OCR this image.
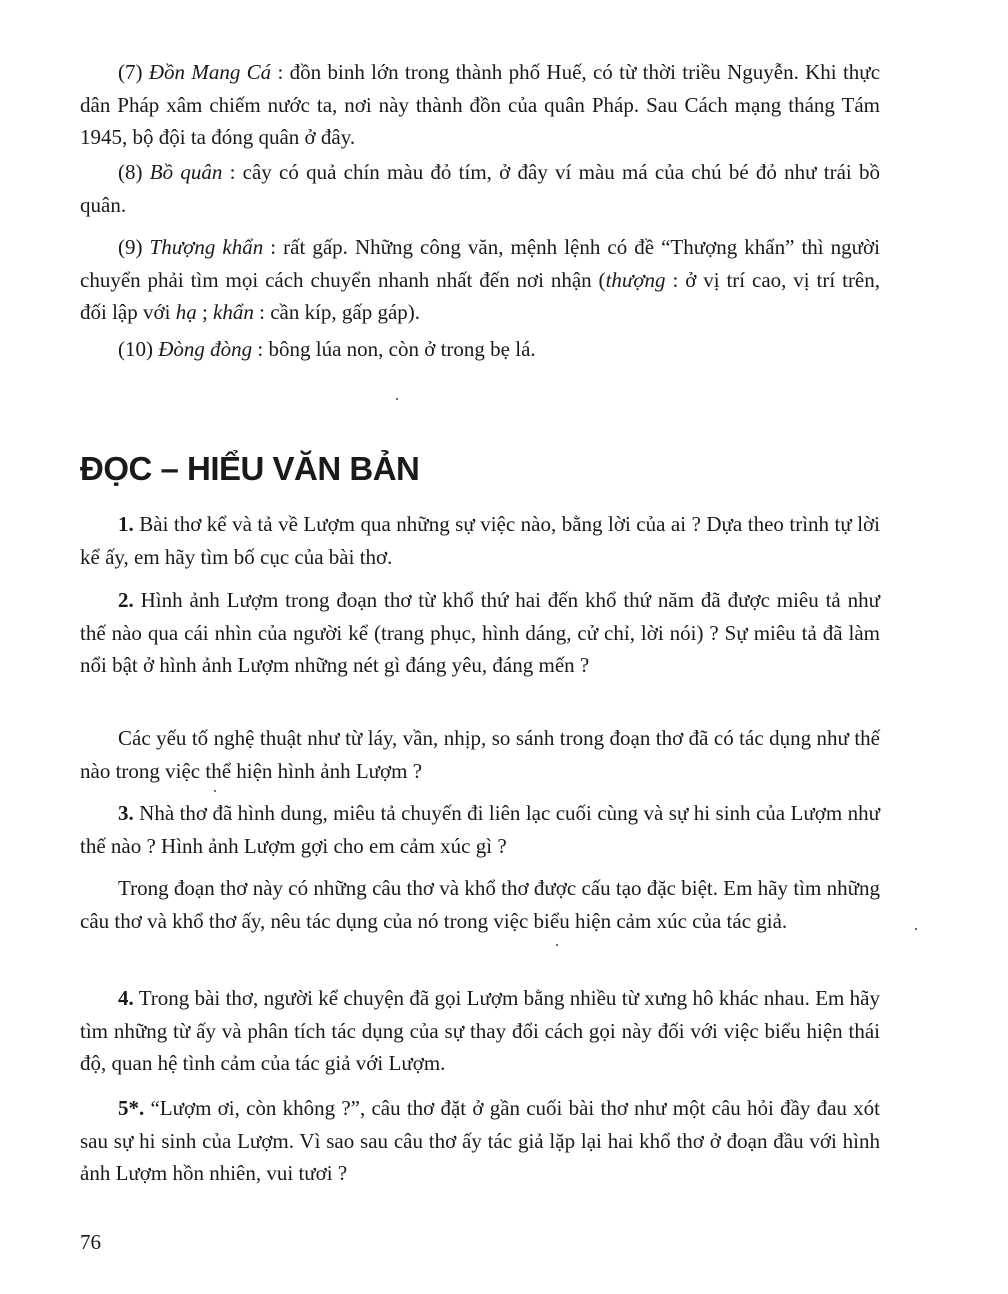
(7) Đồn Mang Cá : đồn binh lớn trong thành phố Huế, có từ thời triều Nguyễn. Khi thực dân Pháp xâm chiếm nước ta, nơi này thành đồn của quân Pháp. Sau Cách mạng tháng Tám 1945, bộ đội ta đóng quân ở đây.

(8) Bồ quân : cây có quả chín màu đỏ tím, ở đây ví màu má của chú bé đỏ như trái bồ quân.

(9) Thượng khẩn : rất gấp. Những công văn, mệnh lệnh có đề “Thượng khẩn” thì người chuyển phải tìm mọi cách chuyển nhanh nhất đến nơi nhận (thượng : ở vị trí cao, vị trí trên, đối lập với hạ ; khẩn : cần kíp, gấp gáp).

(10) Đòng đòng : bông lúa non, còn ở trong bẹ lá.

ĐỌC – HIỂU VĂN BẢN

1. Bài thơ kể và tả về Lượm qua những sự việc nào, bằng lời của ai ? Dựa theo trình tự lời kể ấy, em hãy tìm bố cục của bài thơ.

2. Hình ảnh Lượm trong đoạn thơ từ khổ thứ hai đến khổ thứ năm đã được miêu tả như thế nào qua cái nhìn của người kể (trang phục, hình dáng, cử chỉ, lời nói) ? Sự miêu tả đã làm nổi bật ở hình ảnh Lượm những nét gì đáng yêu, đáng mến ?

Các yếu tố nghệ thuật như từ láy, vần, nhịp, so sánh trong đoạn thơ đã có tác dụng như thế nào trong việc thể hiện hình ảnh Lượm ?

3. Nhà thơ đã hình dung, miêu tả chuyến đi liên lạc cuối cùng và sự hi sinh của Lượm như thế nào ? Hình ảnh Lượm gợi cho em cảm xúc gì ?

Trong đoạn thơ này có những câu thơ và khổ thơ được cấu tạo đặc biệt. Em hãy tìm những câu thơ và khổ thơ ấy, nêu tác dụng của nó trong việc biểu hiện cảm xúc của tác giả.

4. Trong bài thơ, người kể chuyện đã gọi Lượm bằng nhiều từ xưng hô khác nhau. Em hãy tìm những từ ấy và phân tích tác dụng của sự thay đổi cách gọi này đối với việc biểu hiện thái độ, quan hệ tình cảm của tác giả với Lượm.

5*. “Lượm ơi, còn không ?”, câu thơ đặt ở gần cuối bài thơ như một câu hỏi đầy đau xót sau sự hi sinh của Lượm. Vì sao sau câu thơ ấy tác giả lặp lại hai khổ thơ ở đoạn đầu với hình ảnh Lượm hồn nhiên, vui tươi ?

76
